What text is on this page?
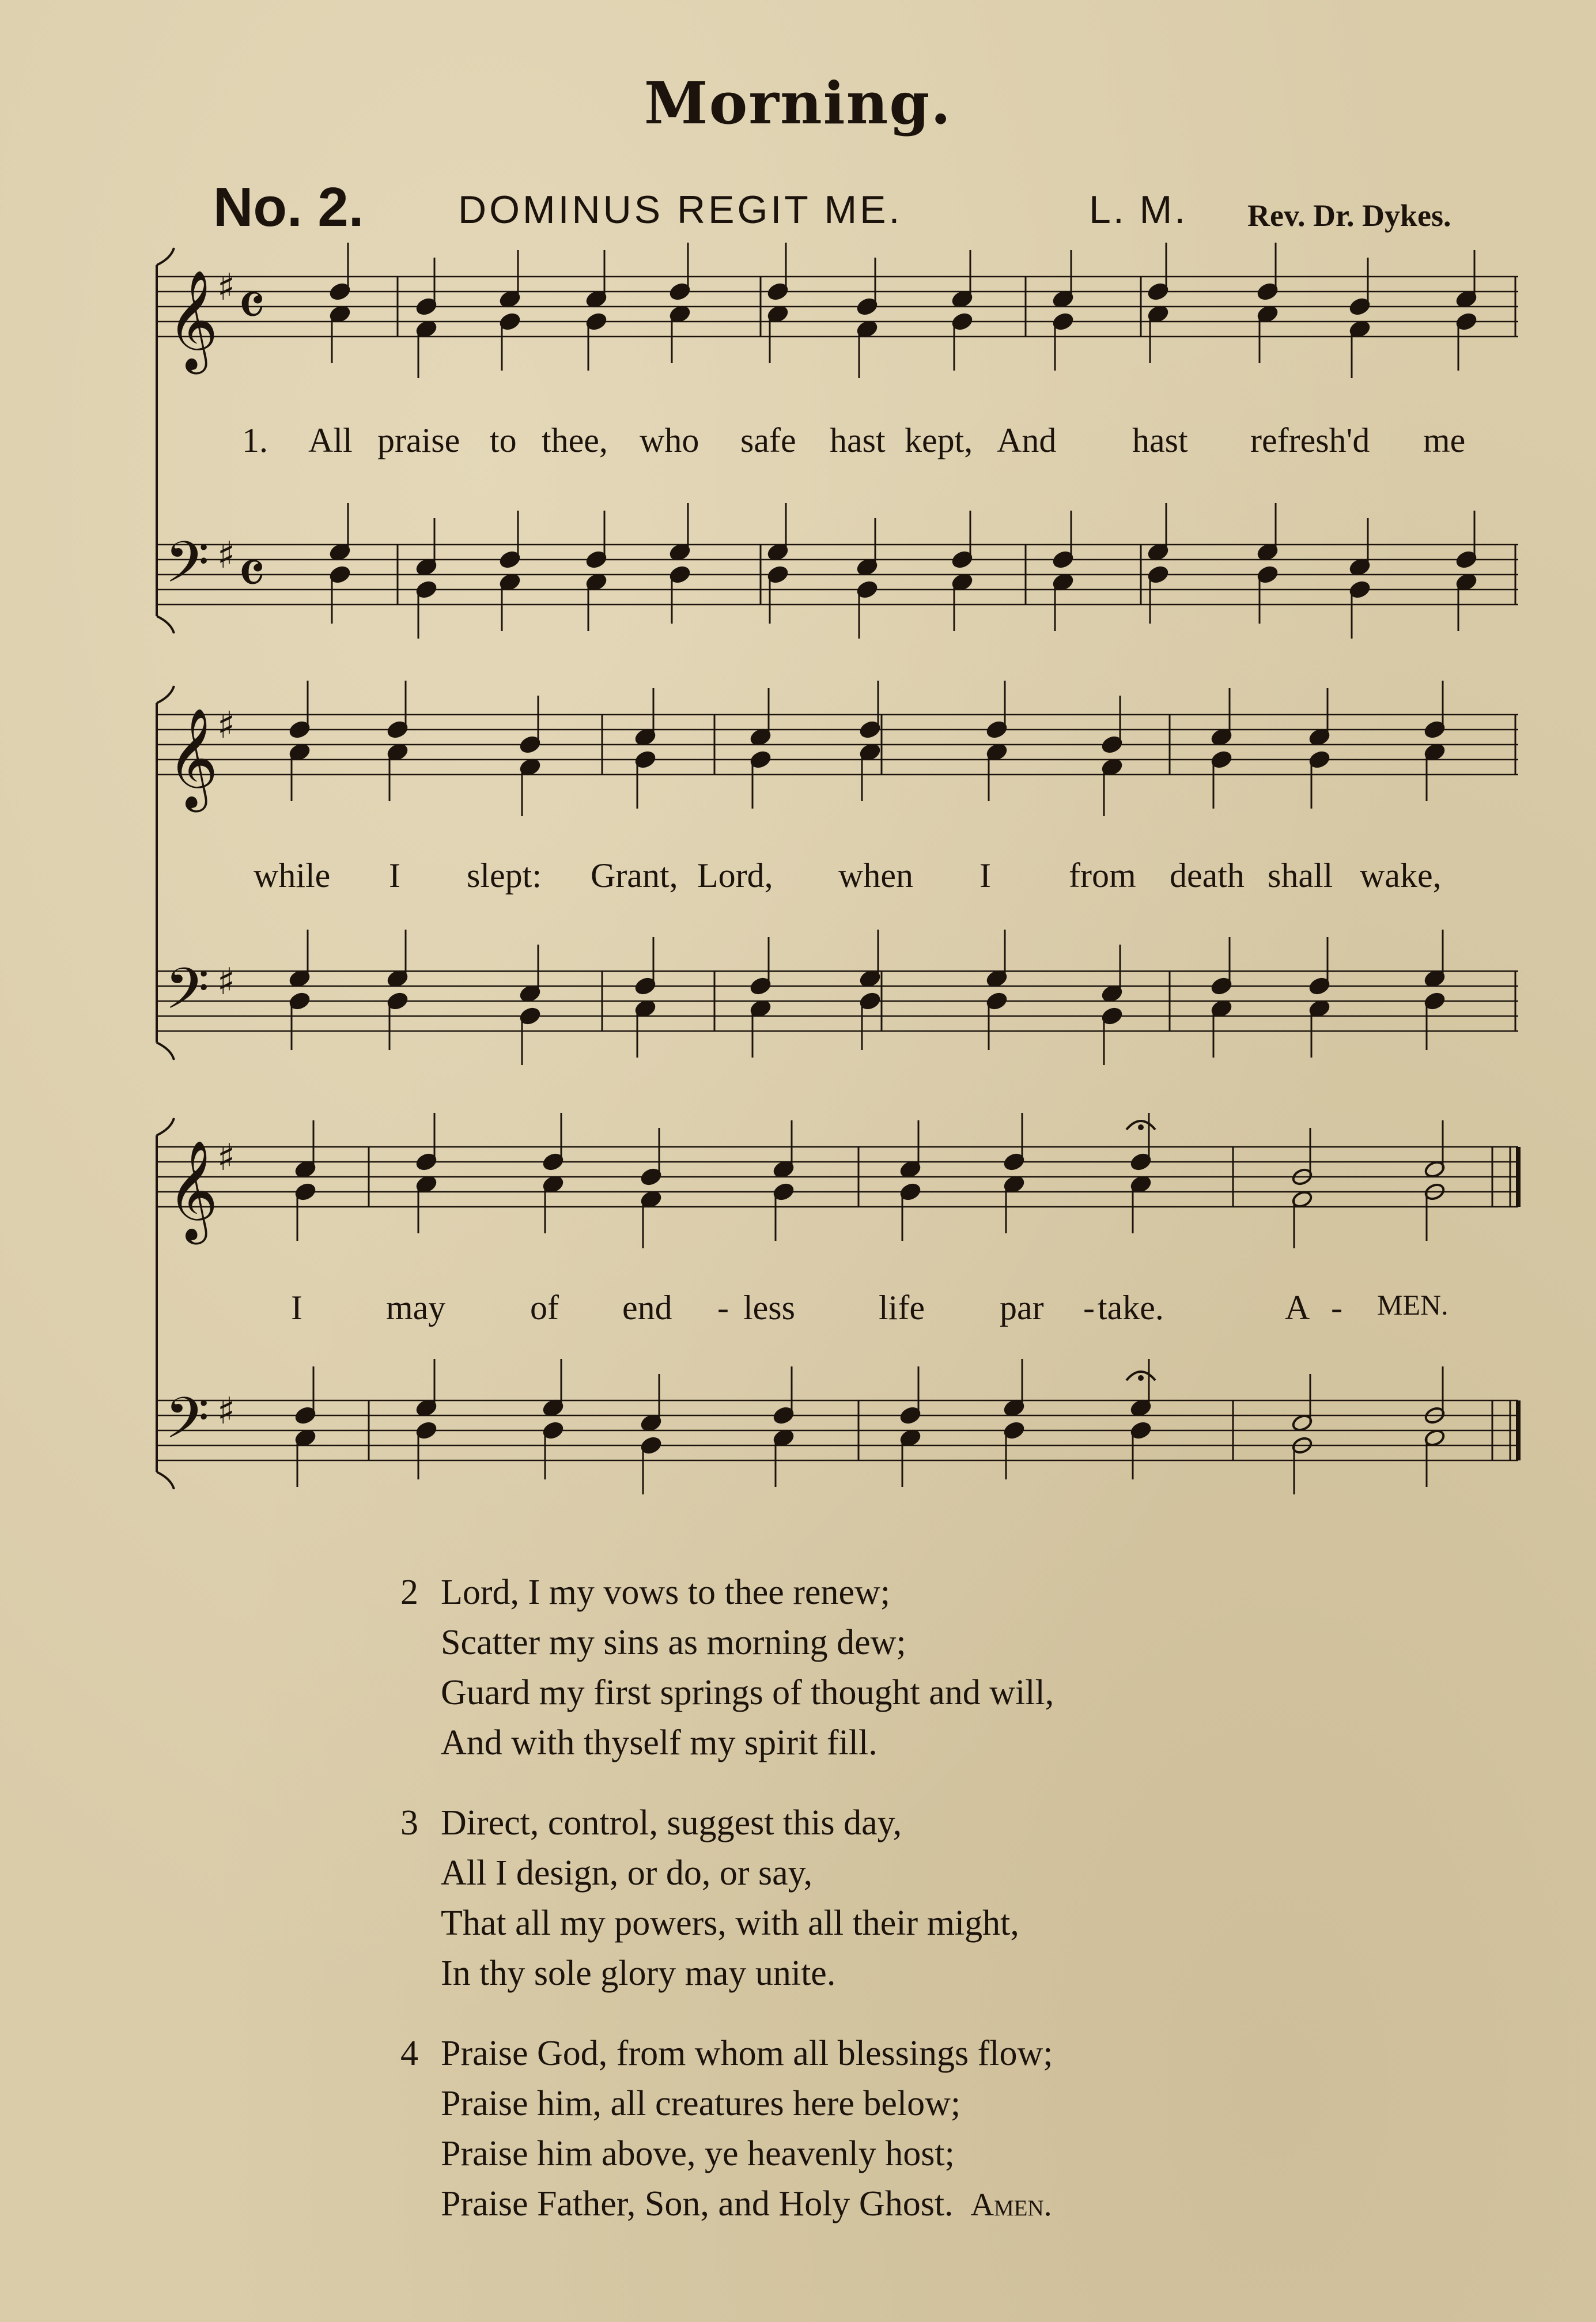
Morning.
No. 2. DOMINUS REGIT ME.	L. M. Rev. Dr. Dykes.
𝄞
♯ 𝄴
𝄢 ♯ 𝄴
𝄞
♯
𝄢 ♯
𝄞
♯
𝄢 ♯
1. All praise to thee, who safe hast kept, And hast refresh'd me
while I slept: Grant, Lord, when I from death shall wake,
I may of end - less life par - take.	A - MEN.
2 Lord, I my vows to thee renew;
Scatter my sins as morning dew;
Guard my first springs of thought and will,
And with thyself my spirit fill.
3 Direct, control, suggest this day,
All I design, or do, or say,
That all my powers, with all their might,
In thy sole glory may unite.
4 Praise God, from whom all blessings flow;
Praise him, all creatures here below;
Praise him above, ye heavenly host;
Praise Father, Son, and Holy Ghost. Amen.
